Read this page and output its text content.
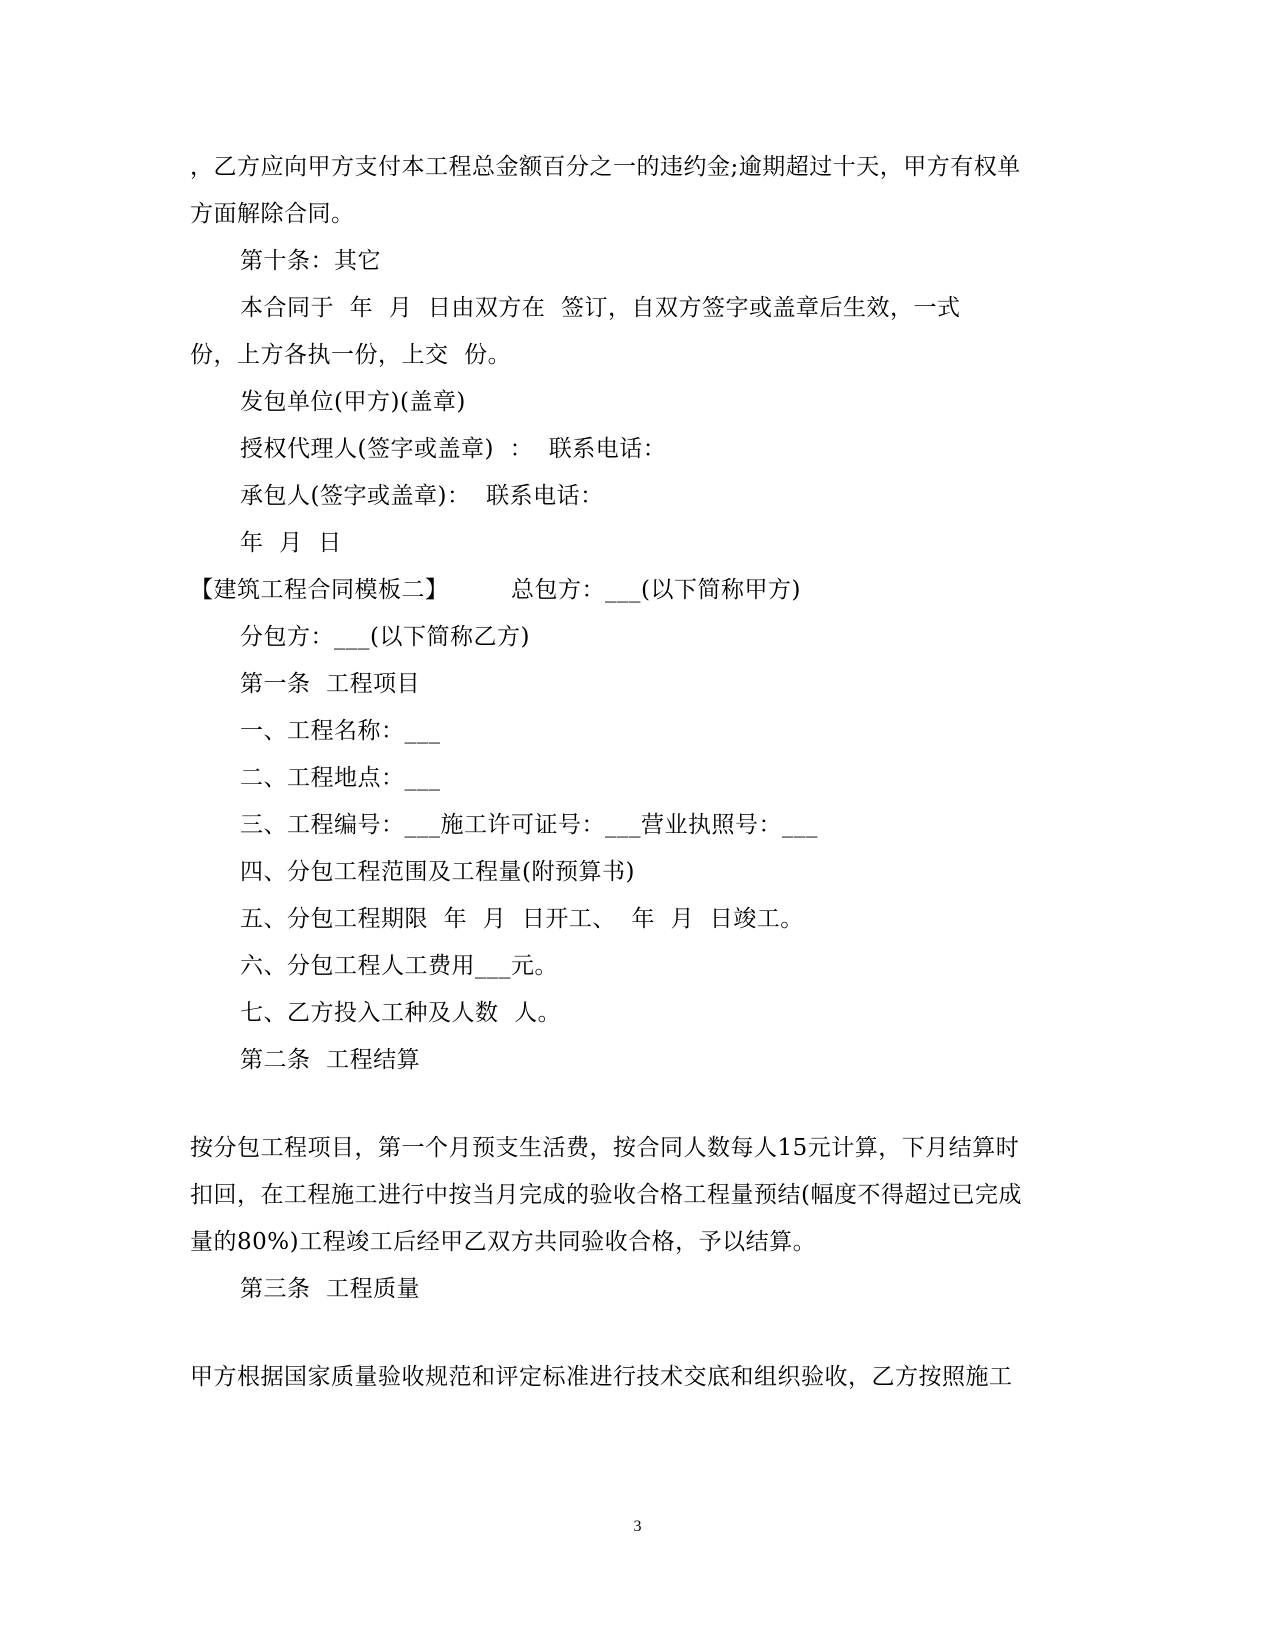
，乙方应向甲方支付本工程总金额百分之一的违约金;逾期超过十天，甲方有权单
方面解除合同。
第十条：其它
本合同于  年  月  日由双方在  签订，自双方签字或盖章后生效，一式
份，上方各执一份，上交  份。
发包单位(甲方)(盖章)
授权代理人(签字或盖章)  ：  联系电话：
承包人(签字或盖章)：  联系电话：
年  月  日
【建筑工程合同模板二】        总包方：___(以下简称甲方)
分包方：___(以下简称乙方)
第一条  工程项目
一、工程名称：___
二、工程地点：___
三、工程编号：___施工许可证号：___营业执照号：___
四、分包工程范围及工程量(附预算书)
五、分包工程期限  年  月  日开工、  年  月  日竣工。
六、分包工程人工费用___元。
七、乙方投入工种及人数  人。
第二条  工程结算
按分包工程项目，第一个月预支生活费，按合同人数每人15元计算，下月结算时
扣回，在工程施工进行中按当月完成的验收合格工程量预结(幅度不得超过已完成
量的80%)工程竣工后经甲乙双方共同验收合格，予以结算。
第三条  工程质量
甲方根据国家质量验收规范和评定标准进行技术交底和组织验收，乙方按照施工
3
